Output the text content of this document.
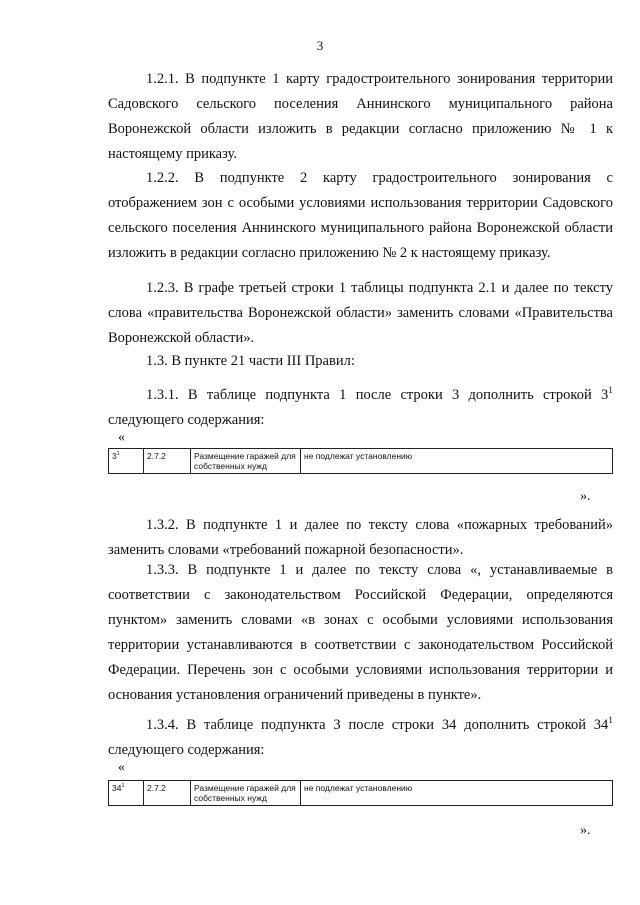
3

1.2.1. В подпункте 1 карту градостроительного зонирования территории Садовского сельского поселения Аннинского муниципального района Воронежской области изложить в редакции согласно приложению № 1 к настоящему приказу.

1.2.2. В подпункте 2 карту градостроительного зонирования с отображением зон с особыми условиями использования территории Садовского сельского поселения Аннинского муниципального района Воронежской области изложить в редакции согласно приложению № 2 к настоящему приказу.

1.2.3. В графе третьей строки 1 таблицы подпункта 2.1 и далее по тексту слова «правительства Воронежской области» заменить словами «Правительства Воронежской области».

1.3. В пункте 21 части III Правил:

1.3.1. В таблице подпункта 1 после строки 3 дополнить строкой $3^1$ следующего содержания:

«
$3^1$	2.7.2	Размещение гаражей для собственных нужд	не подлежат установлению
».

1.3.2. В подпункте 1 и далее по тексту слова «пожарных требований» заменить словами «требований пожарной безопасности».

1.3.3. В подпункте 1 и далее по тексту слова «, устанавливаемые в соответствии с законодательством Российской Федерации, определяются пунктом» заменить словами «в зонах с особыми условиями использования территории устанавливаются в соответствии с законодательством Российской Федерации. Перечень зон с особыми условиями использования территории и основания установления ограничений приведены в пункте».

1.3.4. В таблице подпункта 3 после строки 34 дополнить строкой $34^1$ следующего содержания:

«
$34^1$	2.7.2	Размещение гаражей для собственных нужд	не подлежат установлению
».
